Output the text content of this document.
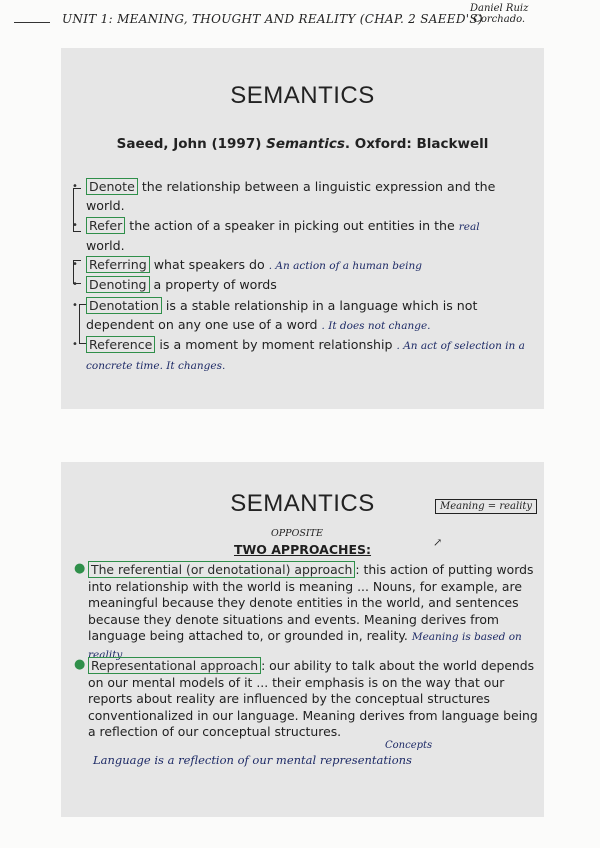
UNIT 1: MEANING, THOUGHT AND REALITY (CHAP. 2 SAEED'S)
Daniel Ruiz
Corchado.
SEMANTICS
Saeed, John (1997) Semantics. Oxford: Blackwell
• Denote the relationship between a linguistic expression and the world.
• Refer the action of a speaker in picking out entities in the real
world.
• Referring what speakers do . An action of a human being
• Denoting a property of words
• Denotation is a stable relationship in a language which is not dependent on any one use of a word . It does not change.
• Reference is a moment by moment relationship . An act of selection in a concrete time. It changes.
SEMANTICS	Meaning = reality
OPPOSITE
↗
TWO APPROACHES:
● The referential (or denotational) approach : this action of putting words into relationship with the world is meaning ... Nouns, for example, are meaningful because they denote entities in the world, and sentences because they denote situations and events. Meaning derives from language being attached to, or grounded in, reality. Meaning is based on reality
● Representational approach : our ability to talk about the world depends on our mental models of it ... their emphasis is on the way that our reports about reality are influenced by the conceptual structures conventionalized in our language. Meaning derives from language being a reflection of our conceptual structures.
Concepts
Language is a reflection of our mental representations
